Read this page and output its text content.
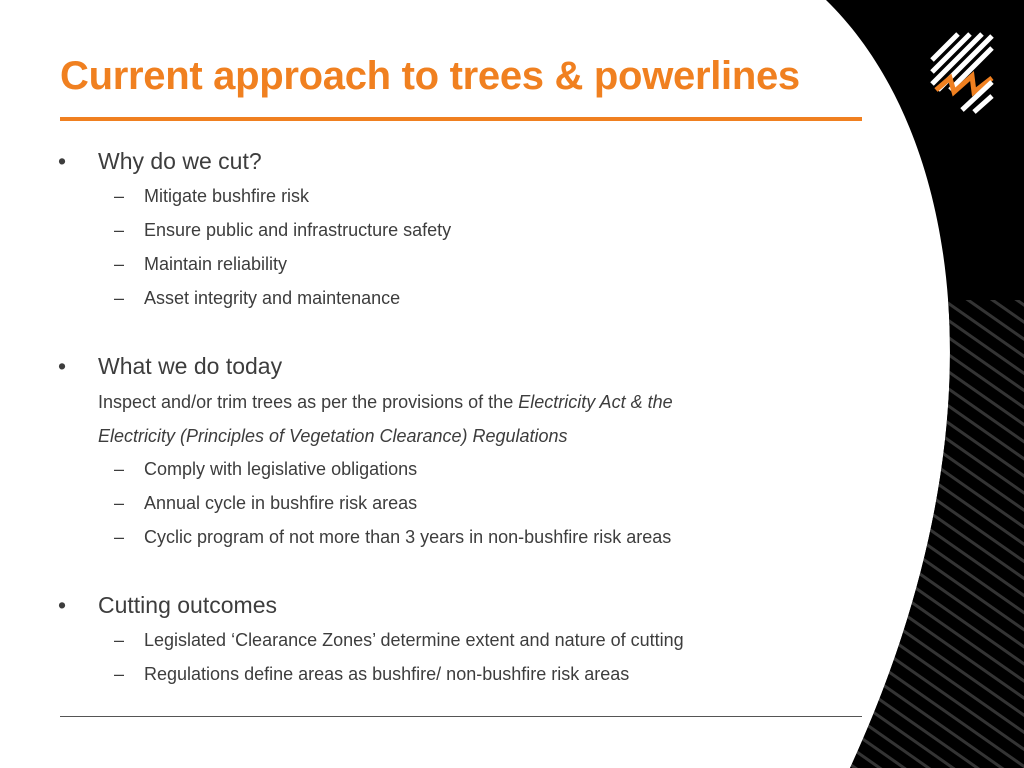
Current approach to trees & powerlines
• Why do we cut?
– Mitigate bushfire risk
– Ensure public and infrastructure safety
– Maintain reliability
– Asset integrity and maintenance
• What we do today
Inspect and/or trim trees as per the provisions of the Electricity Act & the
Electricity (Principles of Vegetation Clearance) Regulations
– Comply with legislative obligations
– Annual cycle in bushfire risk areas
– Cyclic program of not more than 3 years in non-bushfire risk areas
• Cutting outcomes
– Legislated ‘Clearance Zones’ determine extent and nature of cutting
– Regulations define areas as bushfire/ non-bushfire risk areas
